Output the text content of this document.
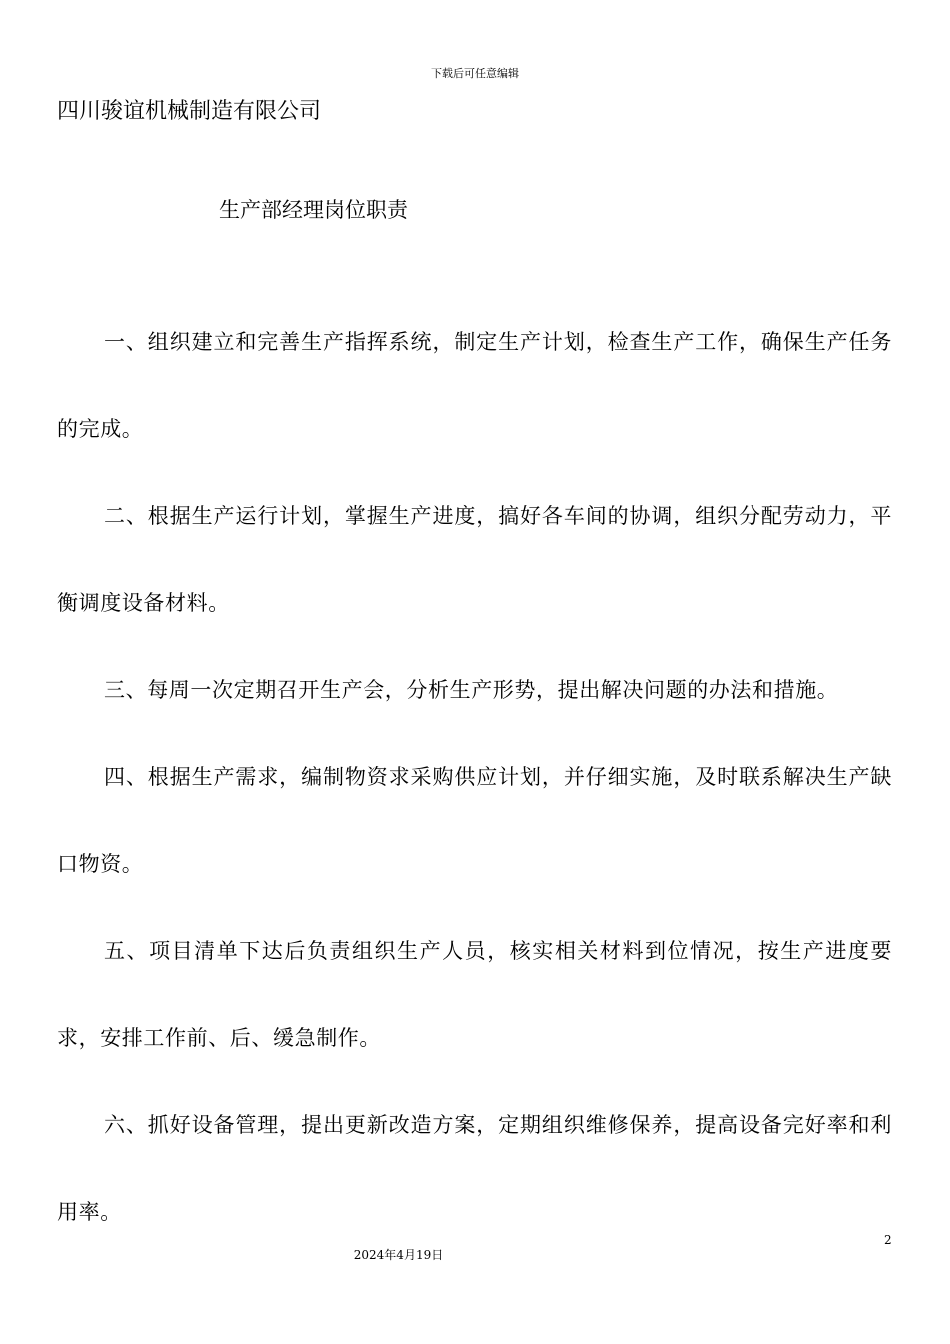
下载后可任意编辑
四川骏谊机械制造有限公司
生产部经理岗位职责

一、组织建立和完善生产指挥系统，制定生产计划，检查生产工作，确保生产任务的完成。

二、根据生产运行计划，掌握生产进度，搞好各车间的协调，组织分配劳动力，平衡调度设备材料。

三、每周一次定期召开生产会，分析生产形势，提出解决问题的办法和措施。

四、根据生产需求，编制物资求采购供应计划，并仔细实施，及时联系解决生产缺口物资。

五、项目清单下达后负责组织生产人员，核实相关材料到位情况，按生产进度要求，安排工作前、后、缓急制作。

六、抓好设备管理，提出更新改造方案，定期组织维修保养，提高设备完好率和利用率。

2
2024年4月19日
